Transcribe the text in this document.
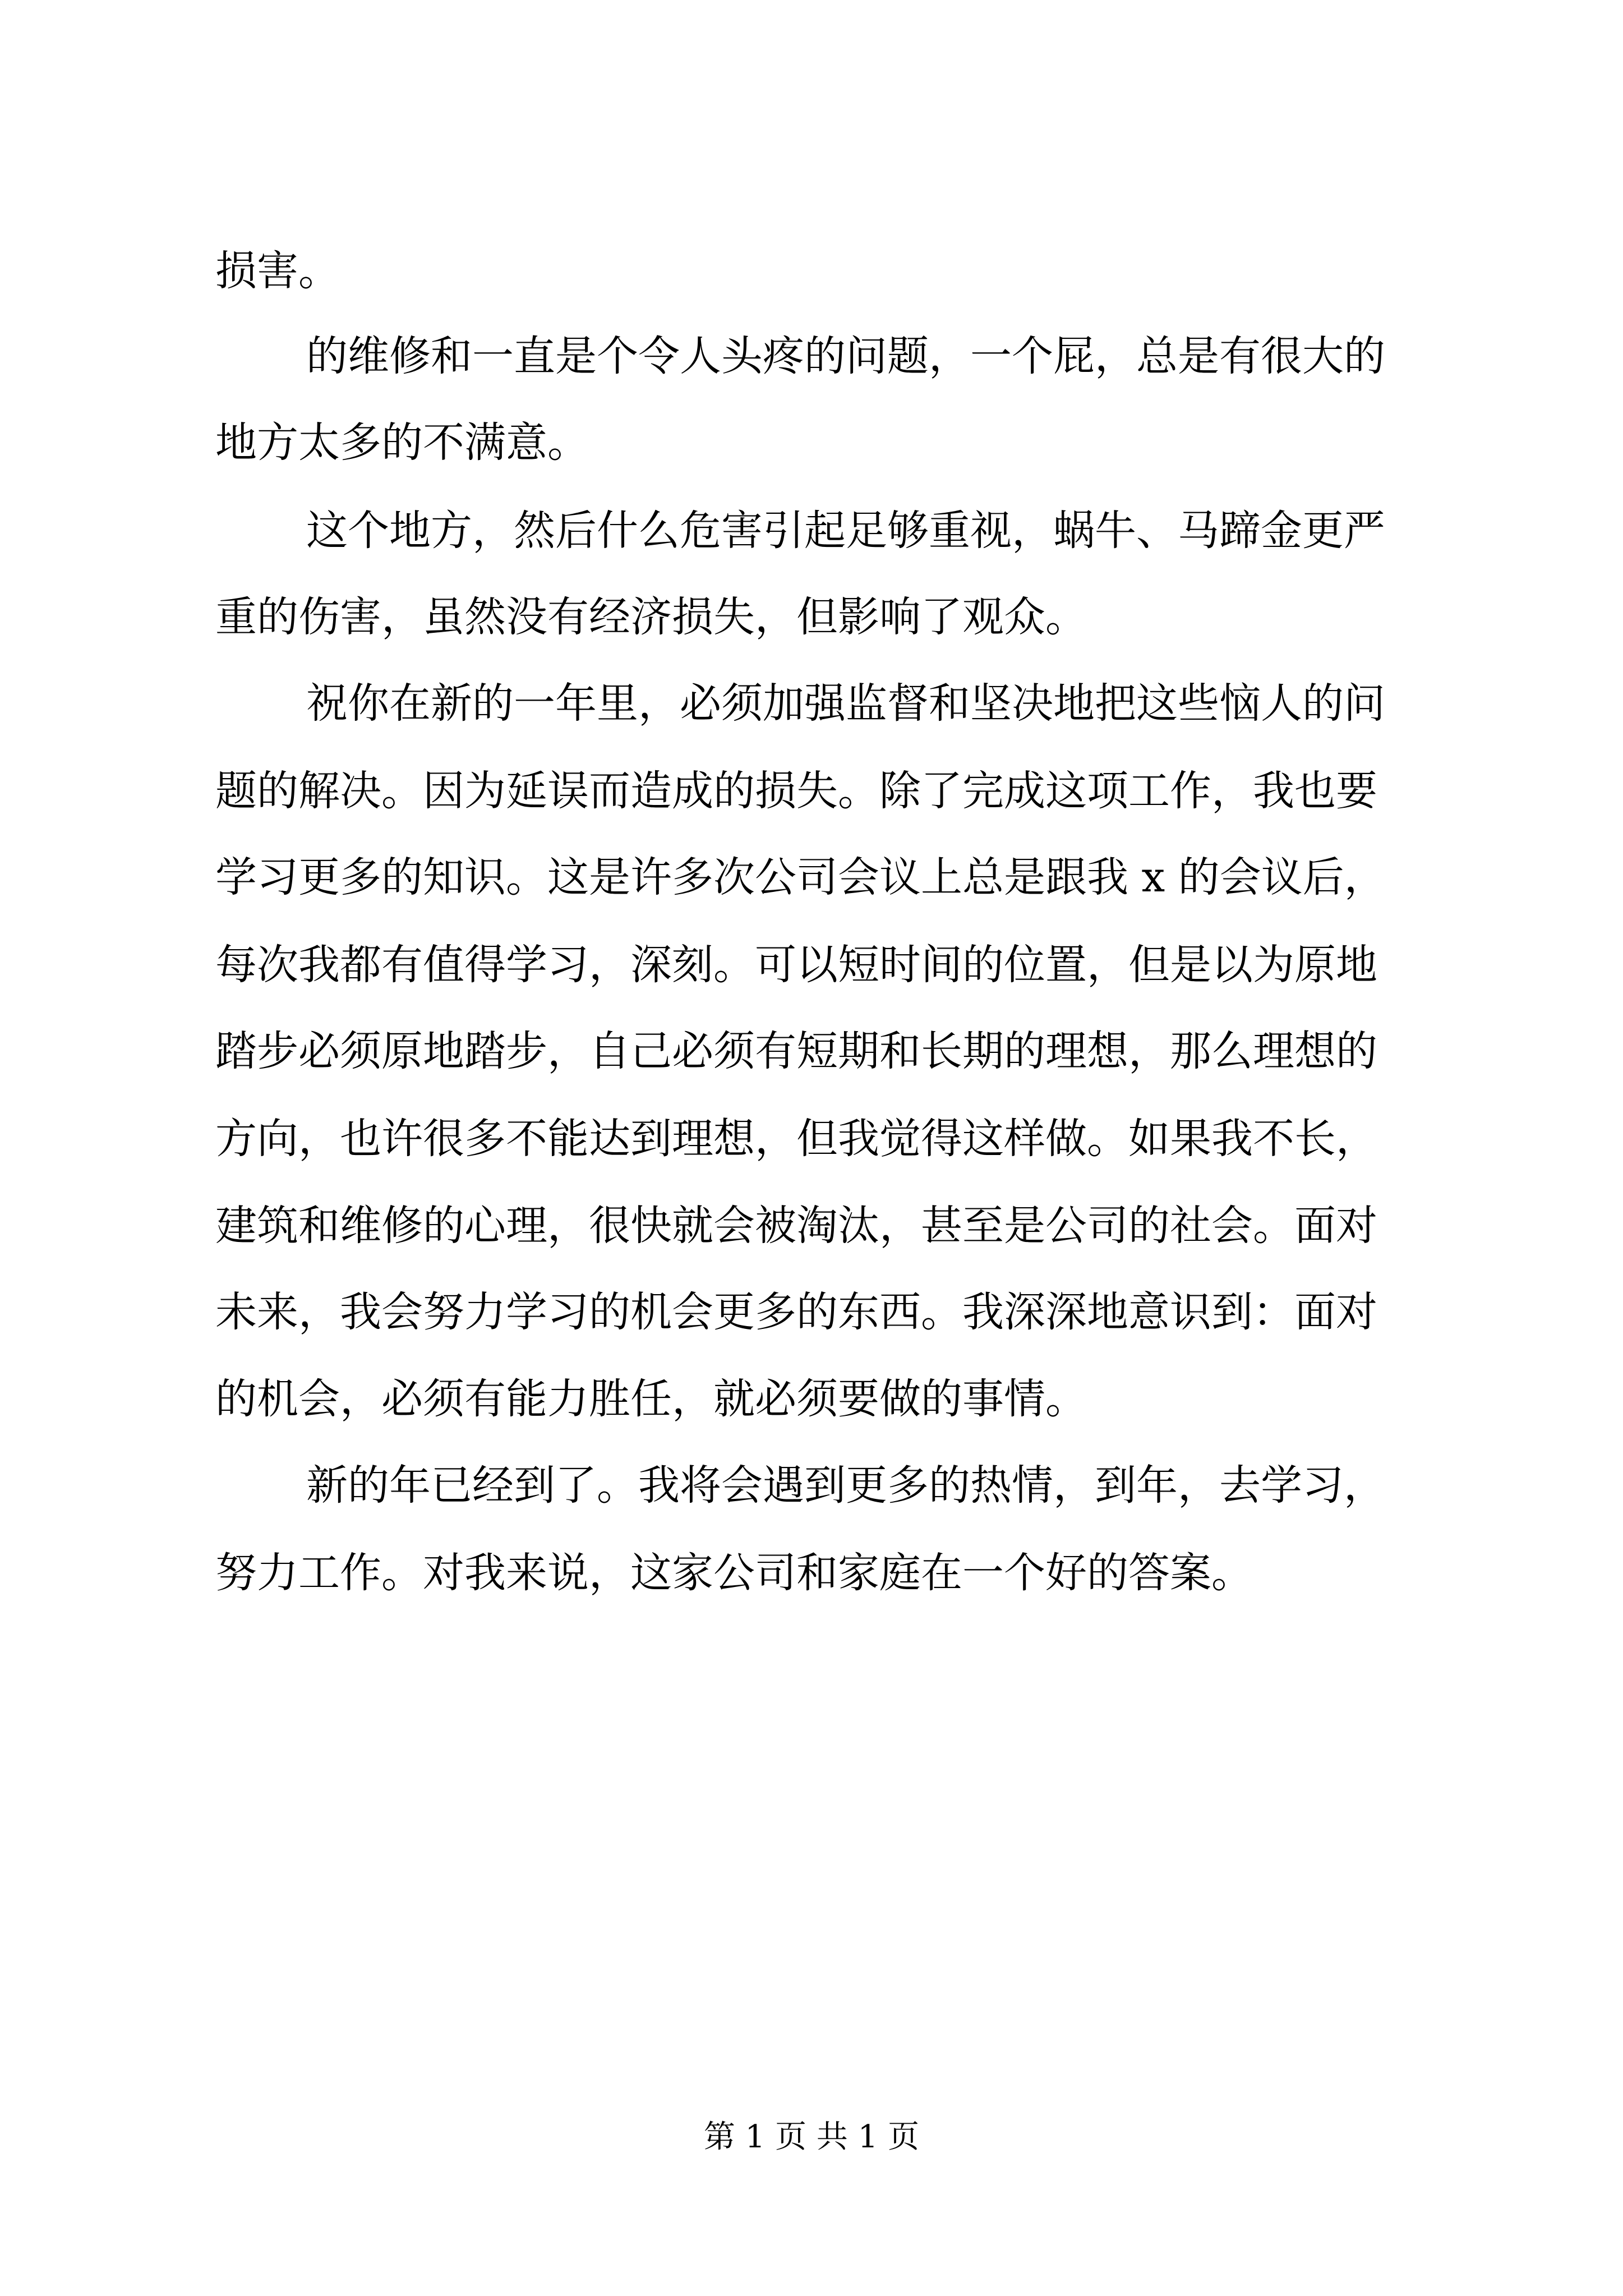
损害。
的维修和一直是个令人头疼的问题，一个屁，总是有很大的
地方太多的不满意。
这个地方，然后什么危害引起足够重视，蜗牛、马蹄金更严
重的伤害，虽然没有经济损失，但影响了观众。
祝你在新的一年里，必须加强监督和坚决地把这些恼人的问
题的解决。因为延误而造成的损失。除了完成这项工作，我也要
学习更多的知识。这是许多次公司会议上总是跟我 x 的会议后，
每次我都有值得学习，深刻。可以短时间的位置，但是以为原地
踏步必须原地踏步，自己必须有短期和长期的理想，那么理想的
方向，也许很多不能达到理想，但我觉得这样做。如果我不长，
建筑和维修的心理，很快就会被淘汰，甚至是公司的社会。面对
未来，我会努力学习的机会更多的东西。我深深地意识到：面对
的机会，必须有能力胜任，就必须要做的事情。
新的年已经到了。我将会遇到更多的热情，到年，去学习，
努力工作。对我来说，这家公司和家庭在一个好的答案。
第 1 页 共 1 页
